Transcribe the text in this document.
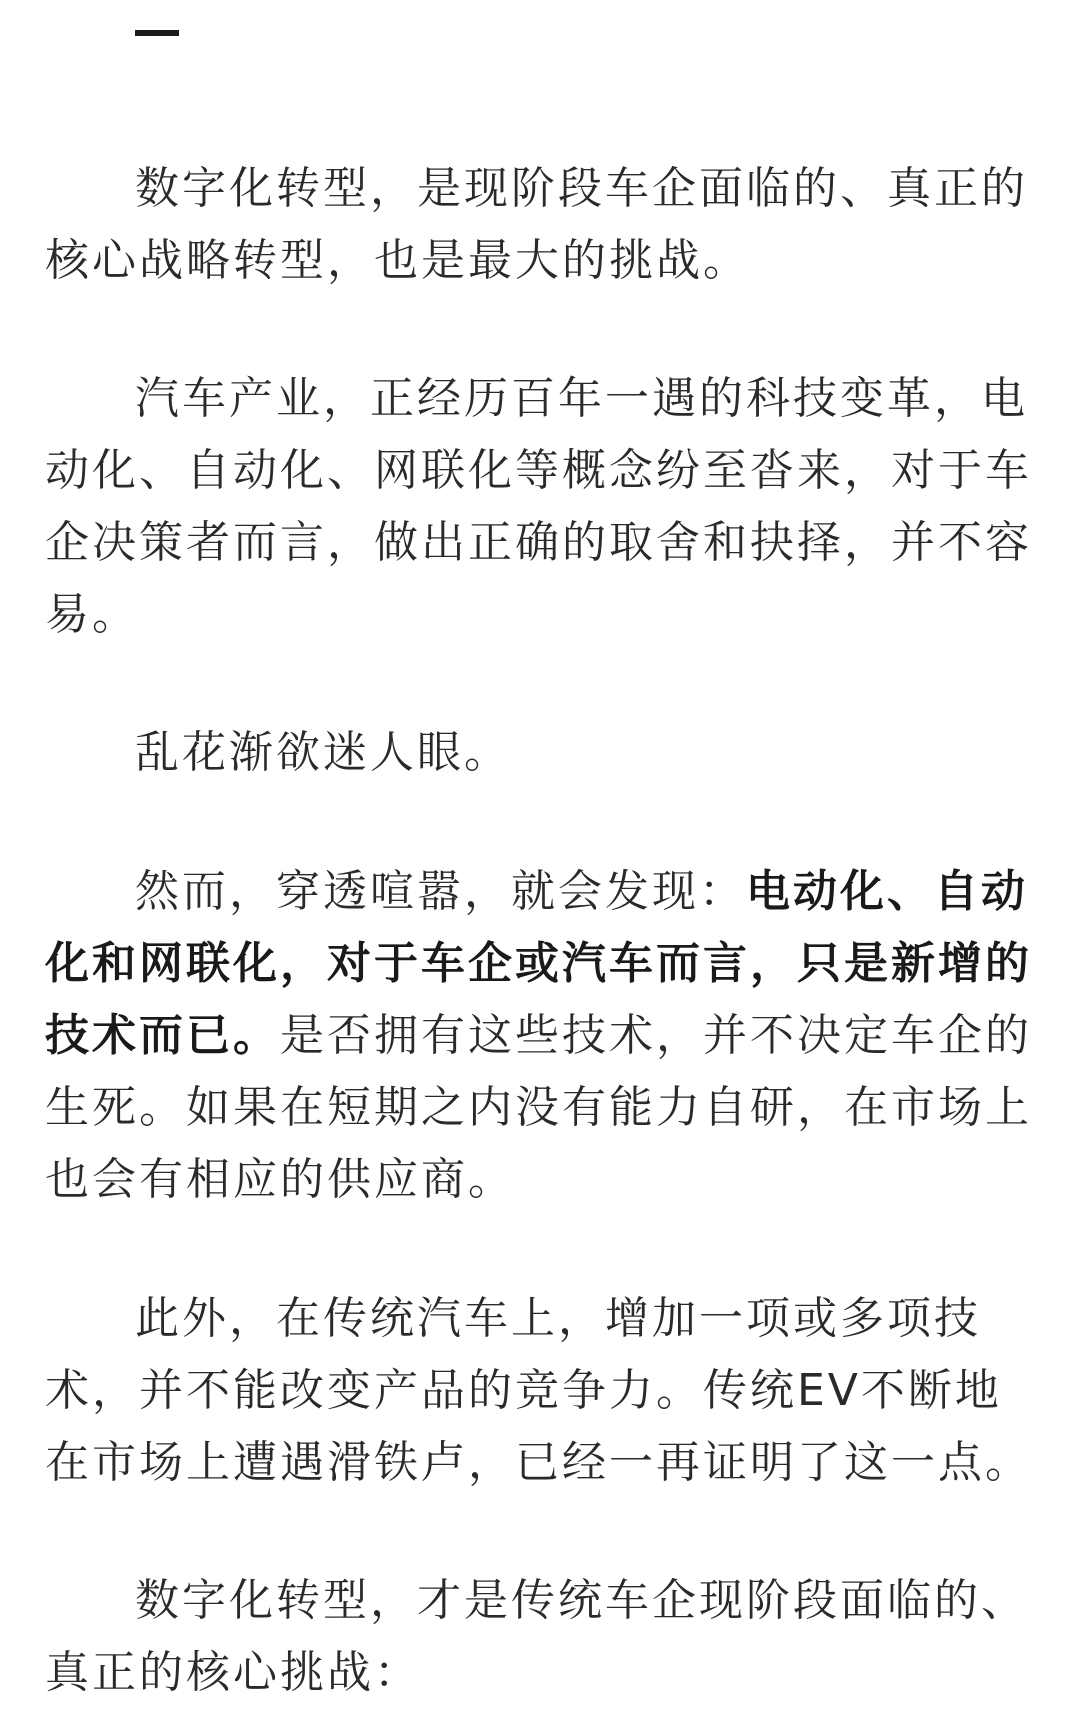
数字化转型，是现阶段车企面临的、真正的核心战略转型，也是最大的挑战。

汽车产业，正经历百年一遇的科技变革，电动化、自动化、网联化等概念纷至沓来，对于车企决策者而言，做出正确的取舍和抉择，并不容易。

乱花渐欲迷人眼。

然而，穿透喧嚣，就会发现：电动化、自动化和网联化，对于车企或汽车而言，只是新增的技术而已。是否拥有这些技术，并不决定车企的生死。如果在短期之内没有能力自研，在市场上也会有相应的供应商。

此外，在传统汽车上，增加一项或多项技术，并不能改变产品的竞争力。传统EV不断地在市场上遭遇滑铁卢，已经一再证明了这一点。

数字化转型，才是传统车企现阶段面临的、真正的核心挑战：
